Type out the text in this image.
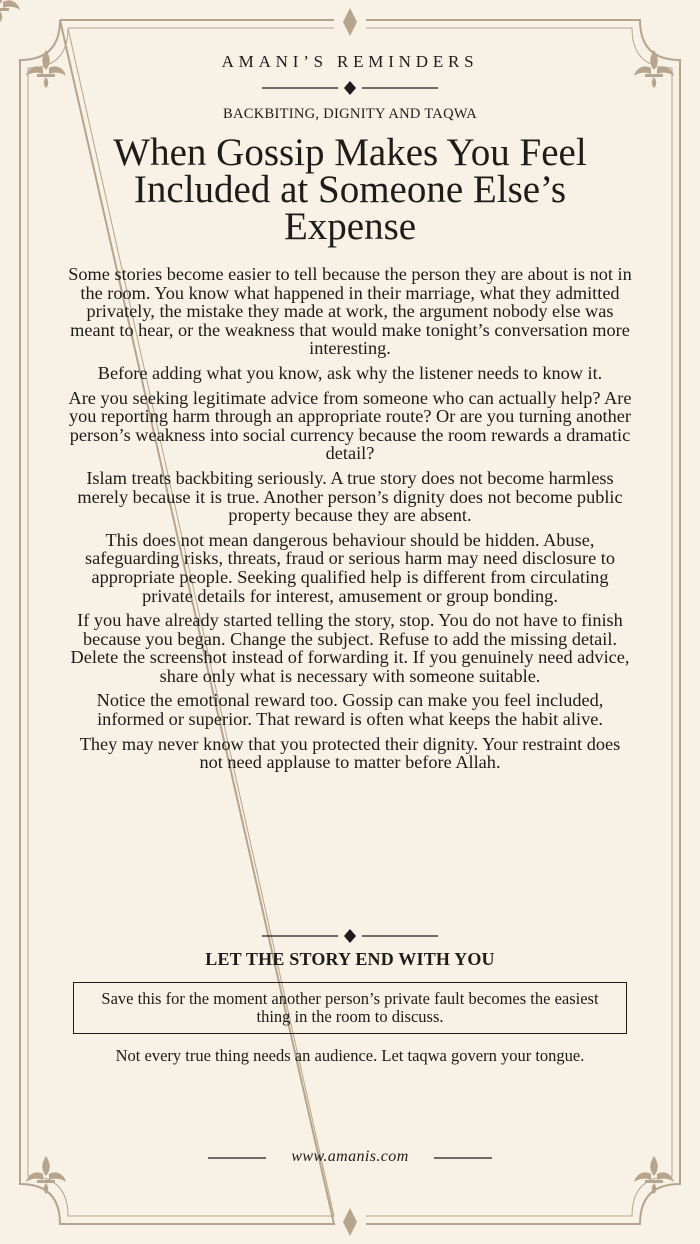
AMANI’S REMINDERS
BACKBITING, DIGNITY AND TAQWA
When Gossip Makes You Feel Included at Someone Else’s Expense

Some stories become easier to tell because the person they are about is not in the room. You know what happened in their marriage, what they admitted privately, the mistake they made at work, the argument nobody else was meant to hear, or the weakness that would make tonight’s conversation more interesting.

Before adding what you know, ask why the listener needs to know it.

Are you seeking legitimate advice from someone who can actually help? Are you reporting harm through an appropriate route? Or are you turning another person’s weakness into social currency because the room rewards a dramatic detail?

Islam treats backbiting seriously. A true story does not become harmless merely because it is true. Another person’s dignity does not become public property because they are absent.

This does not mean dangerous behaviour should be hidden. Abuse, safeguarding risks, threats, fraud or serious harm may need disclosure to appropriate people. Seeking qualified help is different from circulating private details for interest, amusement or group bonding.

If you have already started telling the story, stop. You do not have to finish because you began. Change the subject. Refuse to add the missing detail. Delete the screenshot instead of forwarding it. If you genuinely need advice, share only what is necessary with someone suitable.

Notice the emotional reward too. Gossip can make you feel included, informed or superior. That reward is often what keeps the habit alive.

They may never know that you protected their dignity. Your restraint does not need applause to matter before Allah.

LET THE STORY END WITH YOU
Save this for the moment another person’s private fault becomes the easiest thing in the room to discuss.
Not every true thing needs an audience. Let taqwa govern your tongue.
www.amanis.com
